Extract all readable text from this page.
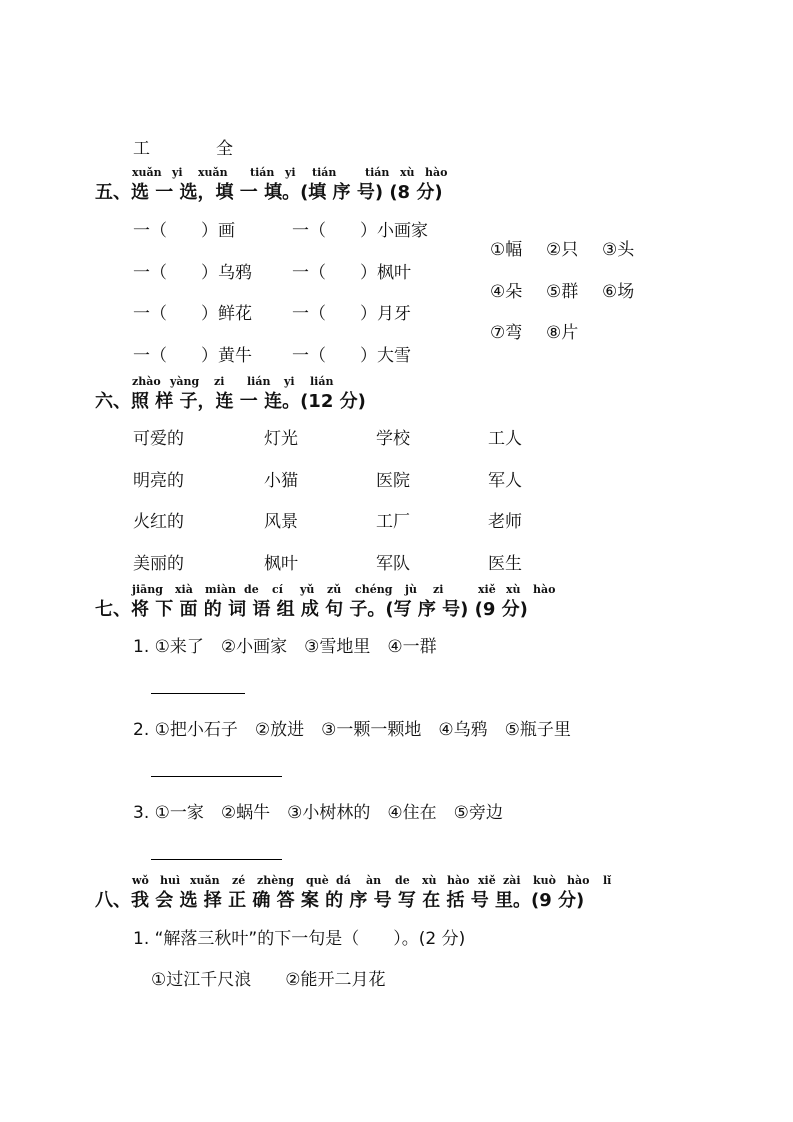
工	全
xuǎn yi xuǎn tián yi tián	tián xù hào
五、选 一 选，填 一 填。(填 序 号) (8 分)
一（　　）画	一（　　）小画家
一（　　）乌鸦 一（　　）枫叶
一（　　）鲜花 一（　　）月牙
一（　　）黄牛 一（　　）大雪
①幅 ②只 ③头
④朵 ⑤群 ⑥场
⑦弯 ⑧片
zhào yàng zi lián yi lián
六、照 样 子，连 一 连。(12 分)
可爱的	灯光	学校	工人
明亮的	小猫	医院	军人
火红的	风景	工厂	老师
美丽的	枫叶	军队	医生
jiāng xià miàn de cí yǔ zǔ chéng jù zi	xiě xù hào
七、将 下 面 的 词 语 组 成 句 子。(写 序 号) (9 分)
1. ①来了　②小画家　③雪地里　④一群
2. ①把小石子　②放进　③一颗一颗地　④乌鸦　⑤瓶子里
3. ①一家　②蜗牛　③小树林的　④住在　⑤旁边
wǒ huì xuǎn zé zhèng què dá àn de xù hào xiě zài kuò hào lǐ
八、我 会 选 择 正 确 答 案 的 序 号 写 在 括 号 里。(9 分)
1. “解落三秋叶”的下一句是（　　）。(2 分)
①过江千尺浪　　②能开二月花
